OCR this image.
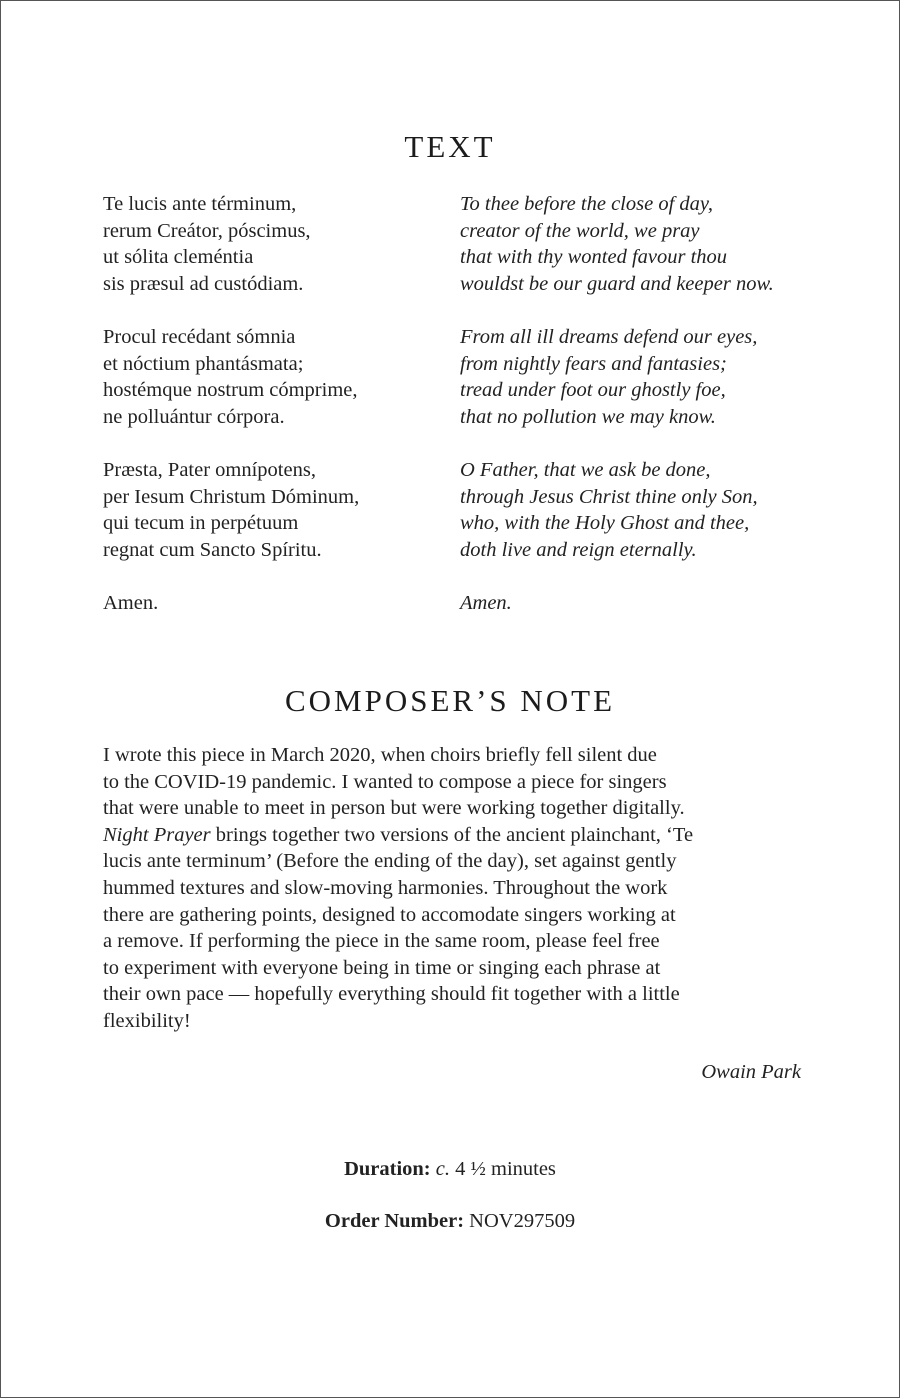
TEXT
Te lucis ante términum,
rerum Creátor, póscimus,
ut sólita cleméntia
sis præsul ad custódiam.
Procul recédant sómnia
et nóctium phantásmata;
hostémque nostrum cómprime,
ne polluántur córpora.
Præsta, Pater omnípotens,
per Iesum Christum Dóminum,
qui tecum in perpétuum
regnat cum Sancto Spíritu.
Amen.
To thee before the close of day,
creator of the world, we pray
that with thy wonted favour thou
wouldst be our guard and keeper now.
From all ill dreams defend our eyes,
from nightly fears and fantasies;
tread under foot our ghostly foe,
that no pollution we may know.
O Father, that we ask be done,
through Jesus Christ thine only Son,
who, with the Holy Ghost and thee,
doth live and reign eternally.
Amen.
COMPOSER’S NOTE
I wrote this piece in March 2020, when choirs briefly fell silent due
to the COVID-19 pandemic. I wanted to compose a piece for singers
that were unable to meet in person but were working together digitally.
Night Prayer brings together two versions of the ancient plainchant, ‘Te
lucis ante terminum’ (Before the ending of the day), set against gently
hummed textures and slow-moving harmonies. Throughout the work
there are gathering points, designed to accomodate singers working at
a remove. If performing the piece in the same room, please feel free
to experiment with everyone being in time or singing each phrase at
their own pace — hopefully everything should fit together with a little
flexibility!
Owain Park
Duration: c. 4 ½ minutes
Order Number: NOV297509
